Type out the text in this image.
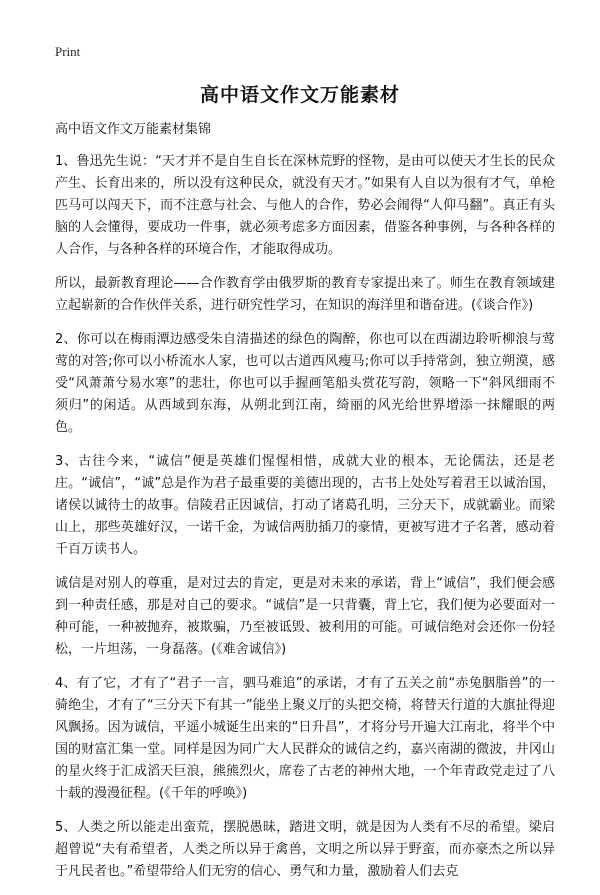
Print
高中语文作文万能素材

高中语文作文万能素材集锦

1、鲁迅先生说：“天才并不是自生自长在深林荒野的怪物，是由可以使天才生长的民众产生、长育出来的，所以没有这种民众，就没有天才。”如果有人自以为很有才气，单枪匹马可以闯天下，而不注意与社会、与他人的合作，势必会闹得“人仰马翻”。真正有头脑的人会懂得，要成功一件事，就必须考虑多方面因素，借鉴各种事例，与各种各样的人合作，与各种各样的环境合作，才能取得成功。

所以，最新教育理论——合作教育学由俄罗斯的教育专家提出来了。师生在教育领域建立起崭新的合作伙伴关系，进行研究性学习，在知识的海洋里和谐奋进。(《谈合作》)

2、你可以在梅雨潭边感受朱自清描述的绿色的陶醉，你也可以在西湖边聆听柳浪与莺莺的对答;你可以小桥流水人家，也可以古道西风瘦马;你可以手持常剑，独立朔漠，感受“风萧萧兮易水寒”的悲壮，你也可以手握画笔船头赏花写韵，领略一下“斜风细雨不须归”的闲适。从西域到东海，从朔北到江南，绮丽的风光给世界增添一抹耀眼的两色。

3、古往今来，“诚信”便是英雄们惺惺相惜，成就大业的根本，无论儒法，还是老庄。“诚信”，“诚”总是作为君子最重要的美德出现的，古书上处处写着君王以诚治国，诸侯以诚待士的故事。信陵君正因诚信，打动了诸葛孔明，三分天下，成就霸业。而梁山上，那些英雄好汉，一诺千金，为诚信两肋插刀的豪情，更被写进才子名著，感动着千百万读书人。

诚信是对别人的尊重，是对过去的肯定，更是对未来的承诺，背上“诚信”，我们便会感到一种责任感，那是对自己的要求。“诚信”是一只背囊，背上它，我们便为必要面对一种可能，一种被抛弃，被欺骗，乃至被诋毁、被利用的可能。可诚信绝对会还你一份轻松，一片坦荡，一身磊落。(《难舍诚信》)

4、有了它，才有了“君子一言，驷马难追”的承诺，才有了五关之前“赤兔胭脂兽”的一骑绝尘，才有了“三分天下有其一”能坐上聚义厅的头把交椅，将替天行道的大旗扯得迎风飘扬。因为诚信，平遥小城诞生出来的“日升昌”，才将分号开遍大江南北，将半个中国的财富汇集一堂。同样是因为同广大人民群众的诚信之约，嘉兴南湖的微波，井冈山的星火终于汇成滔天巨浪，熊熊烈火，席卷了古老的神州大地，一个年青政党走过了八十载的漫漫征程。(《千年的呼唤》)

5、人类之所以能走出蛮荒，摆脱愚昧，踏进文明，就是因为人类有不尽的希望。梁启超曾说“夫有希望者，人类之所以异于禽兽，文明之所以异于野蛮，而亦豪杰之所以异于凡民者也。”希望带给人们无穷的信心、勇气和力量，激励着人们去克
